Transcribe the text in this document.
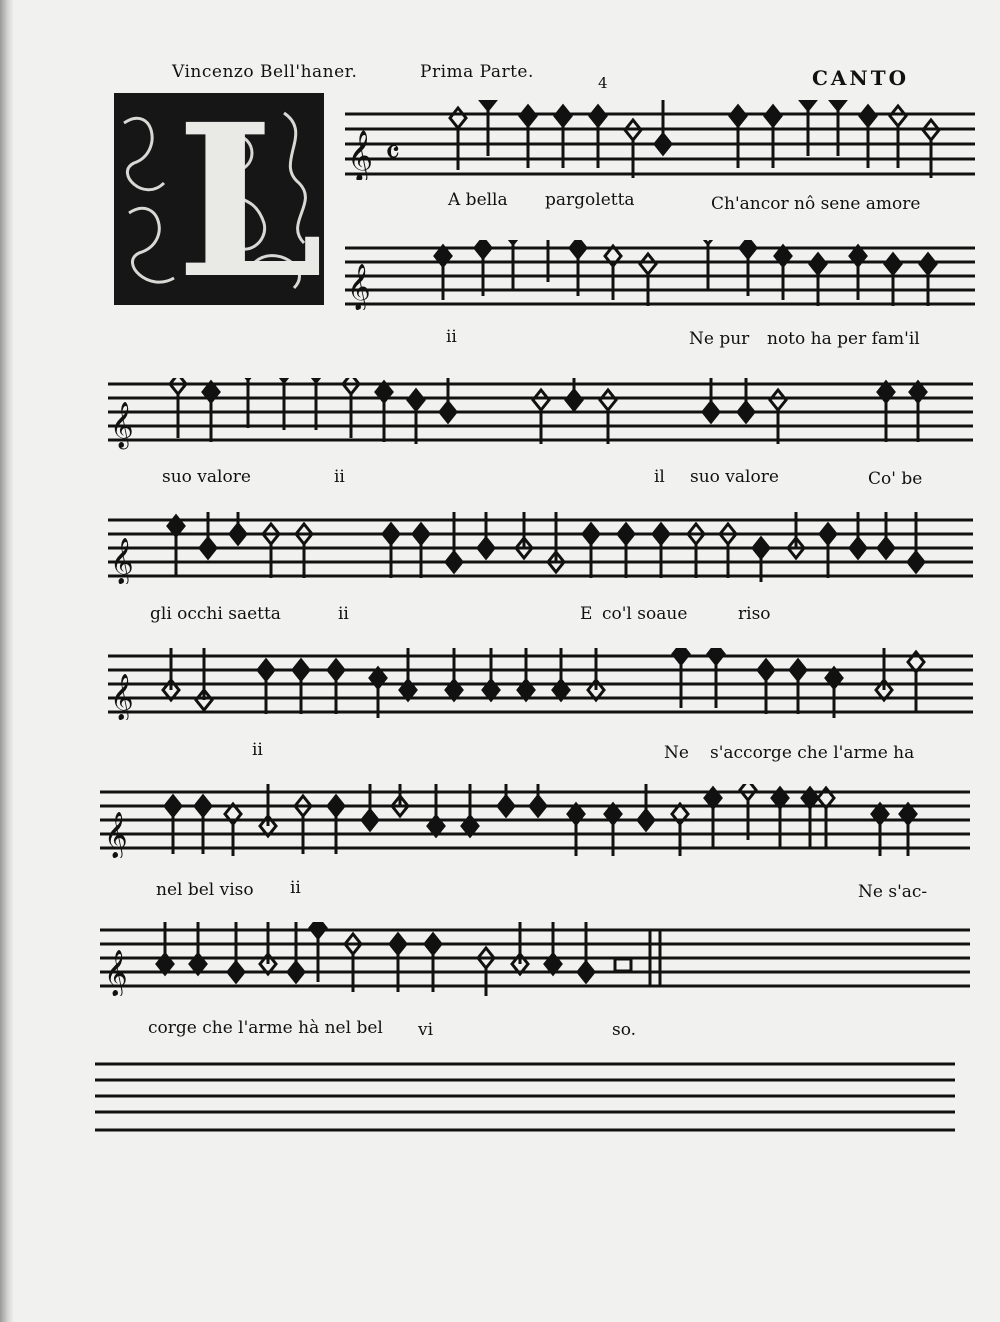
Vincenzo Bell'haner.	Prima Parte.
4	CANTO
L 𝄞 𝄴
𝄞
𝄞
𝄞
𝄞
𝄞
𝄞
A bella pargoletta	Ch'ancor nô sene amore
ii	Ne pur noto ha per fam'il
suo valore	ii	il suo valore	Co' be
gli occhi saetta	ii	E co'l soaue	riso
ii	Ne s'accorge che l'arme ha
nel bel viso ii	Ne s'ac-
corge che l'arme hà nel bel vi	so.
